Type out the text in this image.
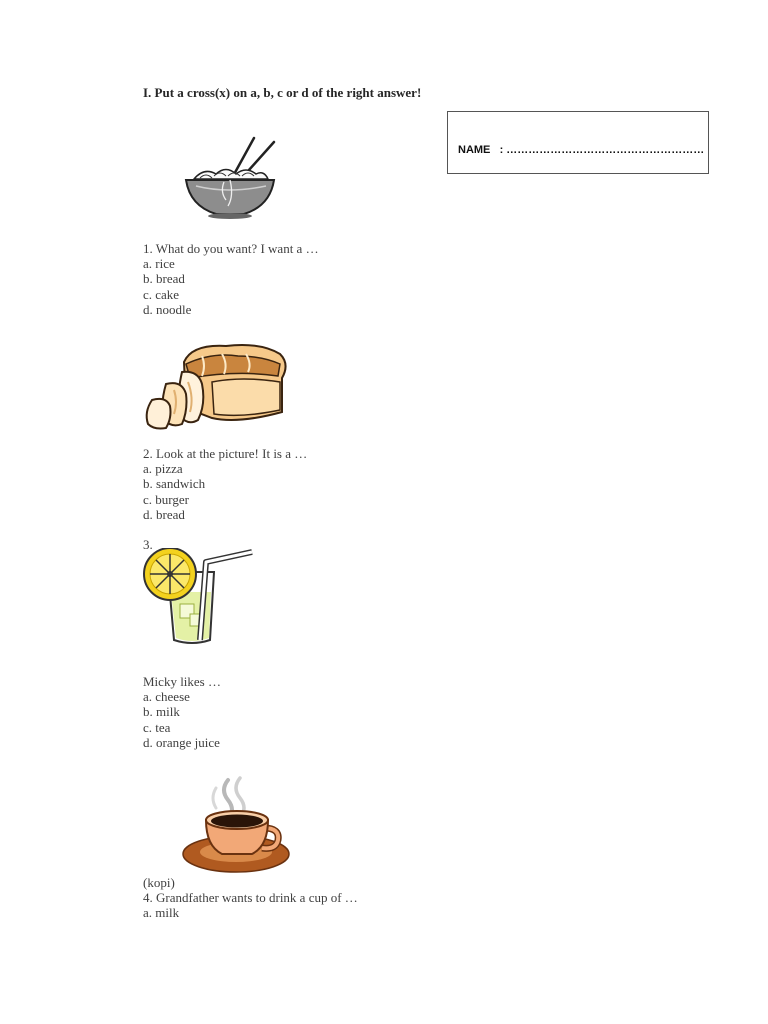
I. Put a cross(x) on a, b, c or d of the right answer!
NAME : ………………………………………………
1. What do you want? I want a …
a. rice
b. bread
c. cake
d. noodle
2. Look at the picture! It is a …
a. pizza
b. sandwich
c. burger
d. bread
3.
Micky likes …
a. cheese
b. milk
c. tea
d. orange juice
(kopi)
4. Grandfather wants to drink a cup of …
a. milk
